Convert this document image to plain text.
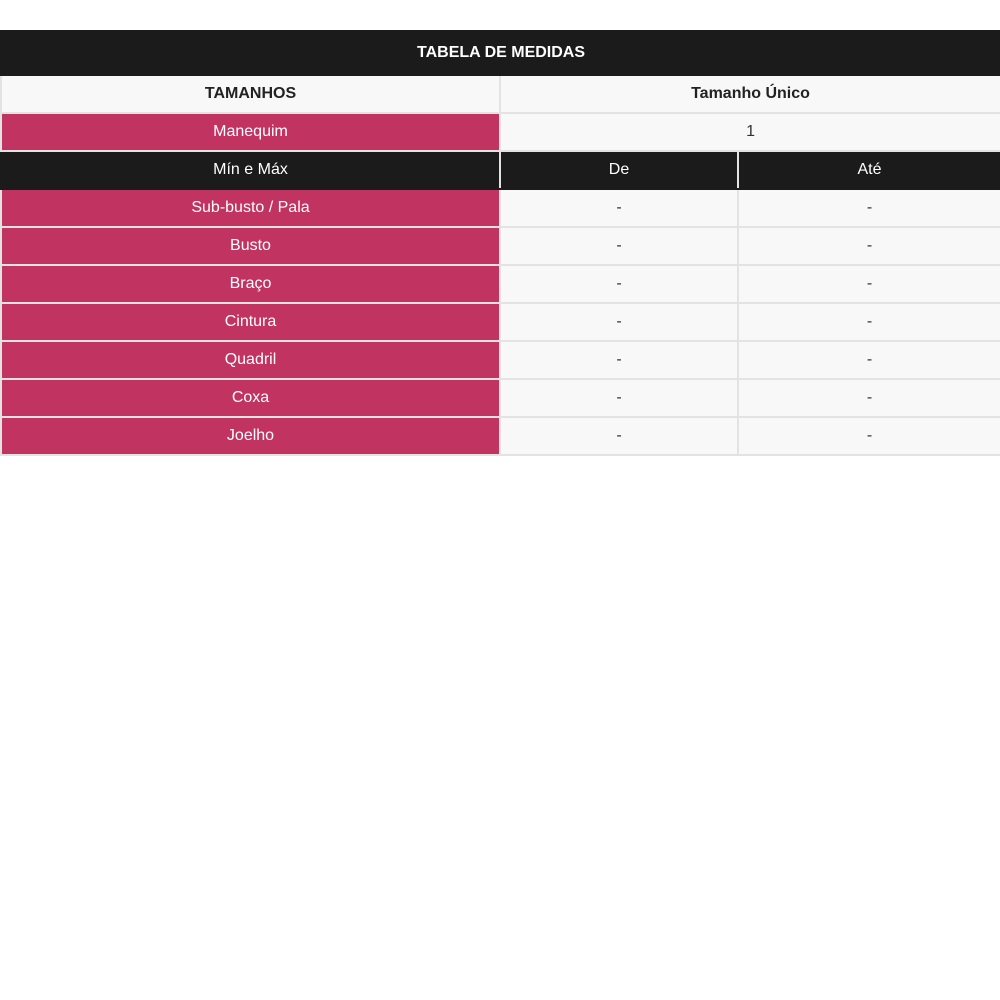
TABELA DE MEDIDAS		
TAMANHOS	Tamanho Único	
Manequim	1	
Mín e Máx	De	Até
Sub-busto / Pala	-	-
Busto	-	-
Braço	-	-
Cintura	-	-
Quadril	-	-
Coxa	-	-
Joelho	-	-
